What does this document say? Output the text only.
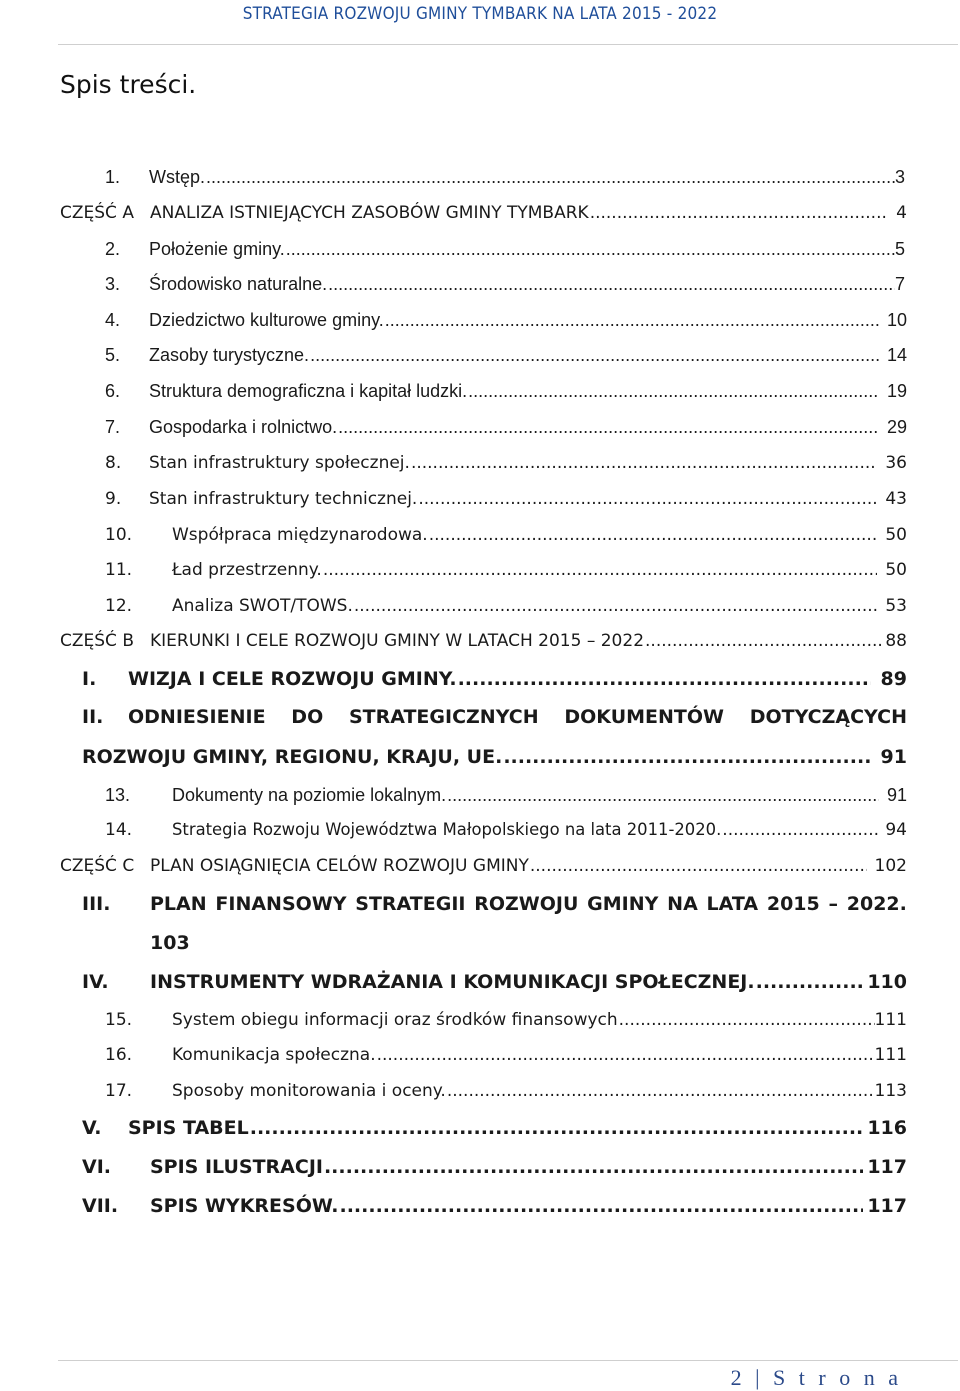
STRATEGIA ROZWOJU GMINY TYMBARK NA LATA 2015 - 2022
Spis treści.
1.	Wstęp. .....	3
CZĘŚĆ A ANALIZA ISTNIEJĄCYCH ZASOBÓW GMINY TYMBARK .....	4
2.	Położenie gminy. .....	5
3.	Środowisko naturalne. .....	7
4.	Dziedzictwo kulturowe gminy. .....	10
5.	Zasoby turystyczne. .....	14
6.	Struktura demograficzna i kapitał ludzki. .....	19
7.	Gospodarka i rolnictwo. .....	29
8.	Stan infrastruktury społecznej. .....	36
9.	Stan infrastruktury technicznej. .....	43
10.	Współpraca międzynarodowa. .....	50
11.	Ład przestrzenny. .....	50
12.	Analiza SWOT/TOWS. .....	53
CZĘŚĆ B KIERUNKI I CELE ROZWOJU GMINY W LATACH 2015 – 2022 .....	88
I.	WIZJA I CELE ROZWOJU GMINY. .....	89
II. ODNIESIENIE DO STRATEGICZNYCH DOKUMENTÓW DOTYCZĄCYCH
ROZWOJU GMINY, REGIONU, KRAJU, UE. .....	91
13.	Dokumenty na poziomie lokalnym. .....	91
14.	Strategia Rozwoju Województwa Małopolskiego na lata 2011-2020. .....	94
CZĘŚĆ C PLAN OSIĄGNIĘCIA CELÓW ROZWOJU GMINY .....	102
III. PLAN FINANSOWY STRATEGII ROZWOJU GMINY NA LATA 2015 – 2022.
103
IV.	INSTRUMENTY WDRAŻANIA I KOMUNIKACJI SPOŁECZNEJ. .....	110
15.	System obiegu informacji oraz środków finansowych .....	111
16.	Komunikacja społeczna. .....	111
17.	Sposoby monitorowania i oceny. .....	113
V.	SPIS TABEL .....	116
VI.	SPIS ILUSTRACJI .....	117
VII.	SPIS WYKRESÓW. .....	117
2 | S t r o n a
